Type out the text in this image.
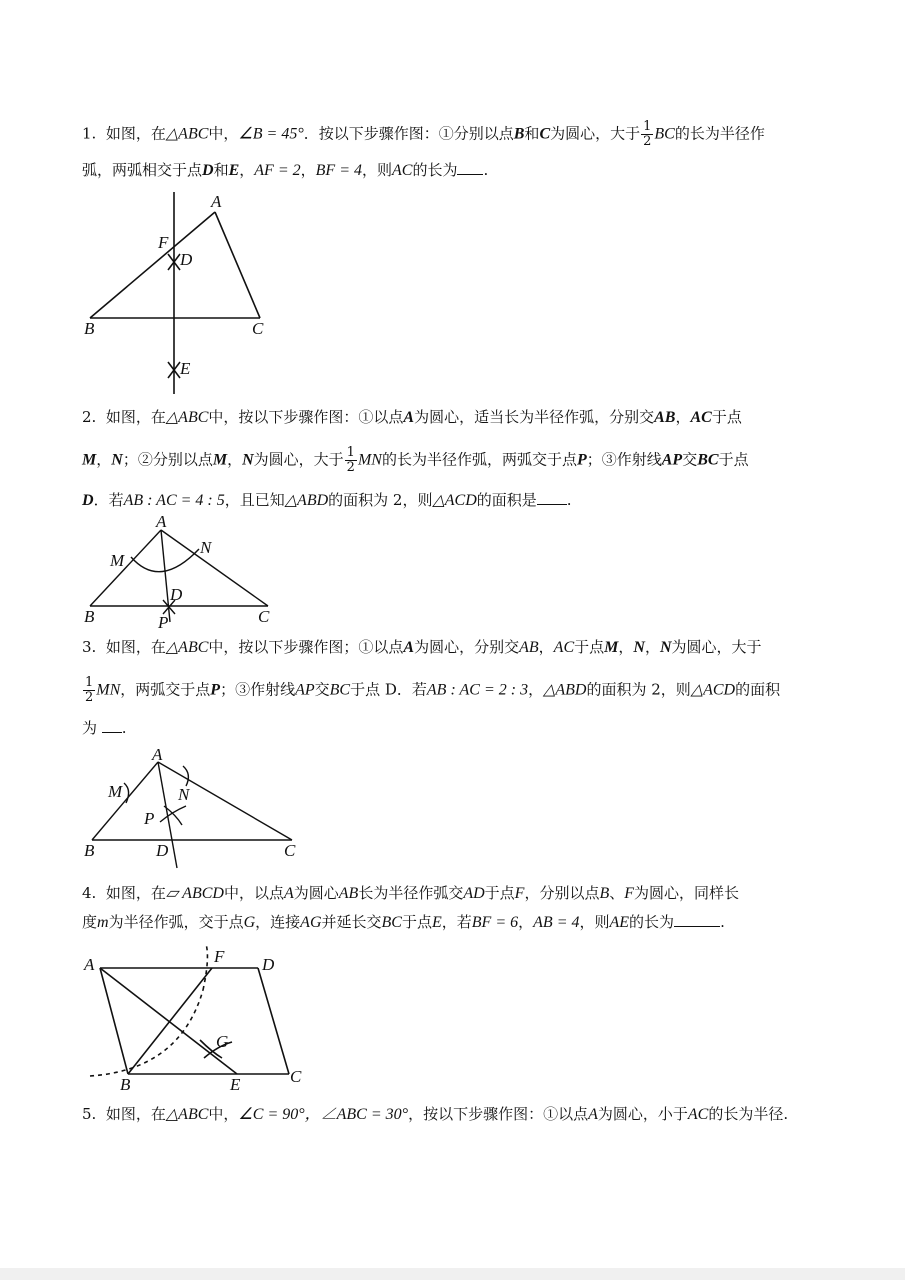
1. 如图，在△ABC中，∠B = 45°．按以下步骤作图：①分别以点B和C为圆心，大于 $\frac{1}{2}$ BC的长为半径作
弧，两弧相交于点D和E，AF = 2，BF = 4，则AC的长为 .
A
F
D
B	C
E
2. 如图，在△ABC中，按以下步骤作图：①以点A为圆心，适当长为半径作弧，分别交AB，AC于点
M，N；②分别以点M，N为圆心，大于 $\frac{1}{2}$ MN的长为半径作弧，两弧交于点P；③作射线AP交BC于点
D．若AB : AC = 4 : 5，且已知△ABD的面积为 2，则△ACD的面积是 .
A
M
N
D
B	C
P
3. 如图，在△ABC中，按以下步骤作图；①以点A为圆心，分别交AB，AC于点M，N，N为圆心，大于
$\frac{1}{2}$ MN，两弧交于点P；③作射线AP交BC于点 D．若AB : AC = 2 : 3，△ABD的面积为 2，则△ACD的面积
为 .
A
M	N
P
B	D	C
4. 如图，在▱ ABCD中，以点A为圆心AB长为半径作弧交AD于点F，分别以点B、F为圆心，同样长
度m为半径作弧，交于点G，连接AG并延长交BC于点E，若BF = 6，AB = 4，则AE的长为	.
A	F D
G
B	E	C
5. 如图，在△ABC中，∠C = 90°，∠ABC = 30°，按以下步骤作图：①以点A为圆心，小于AC的长为半径.
